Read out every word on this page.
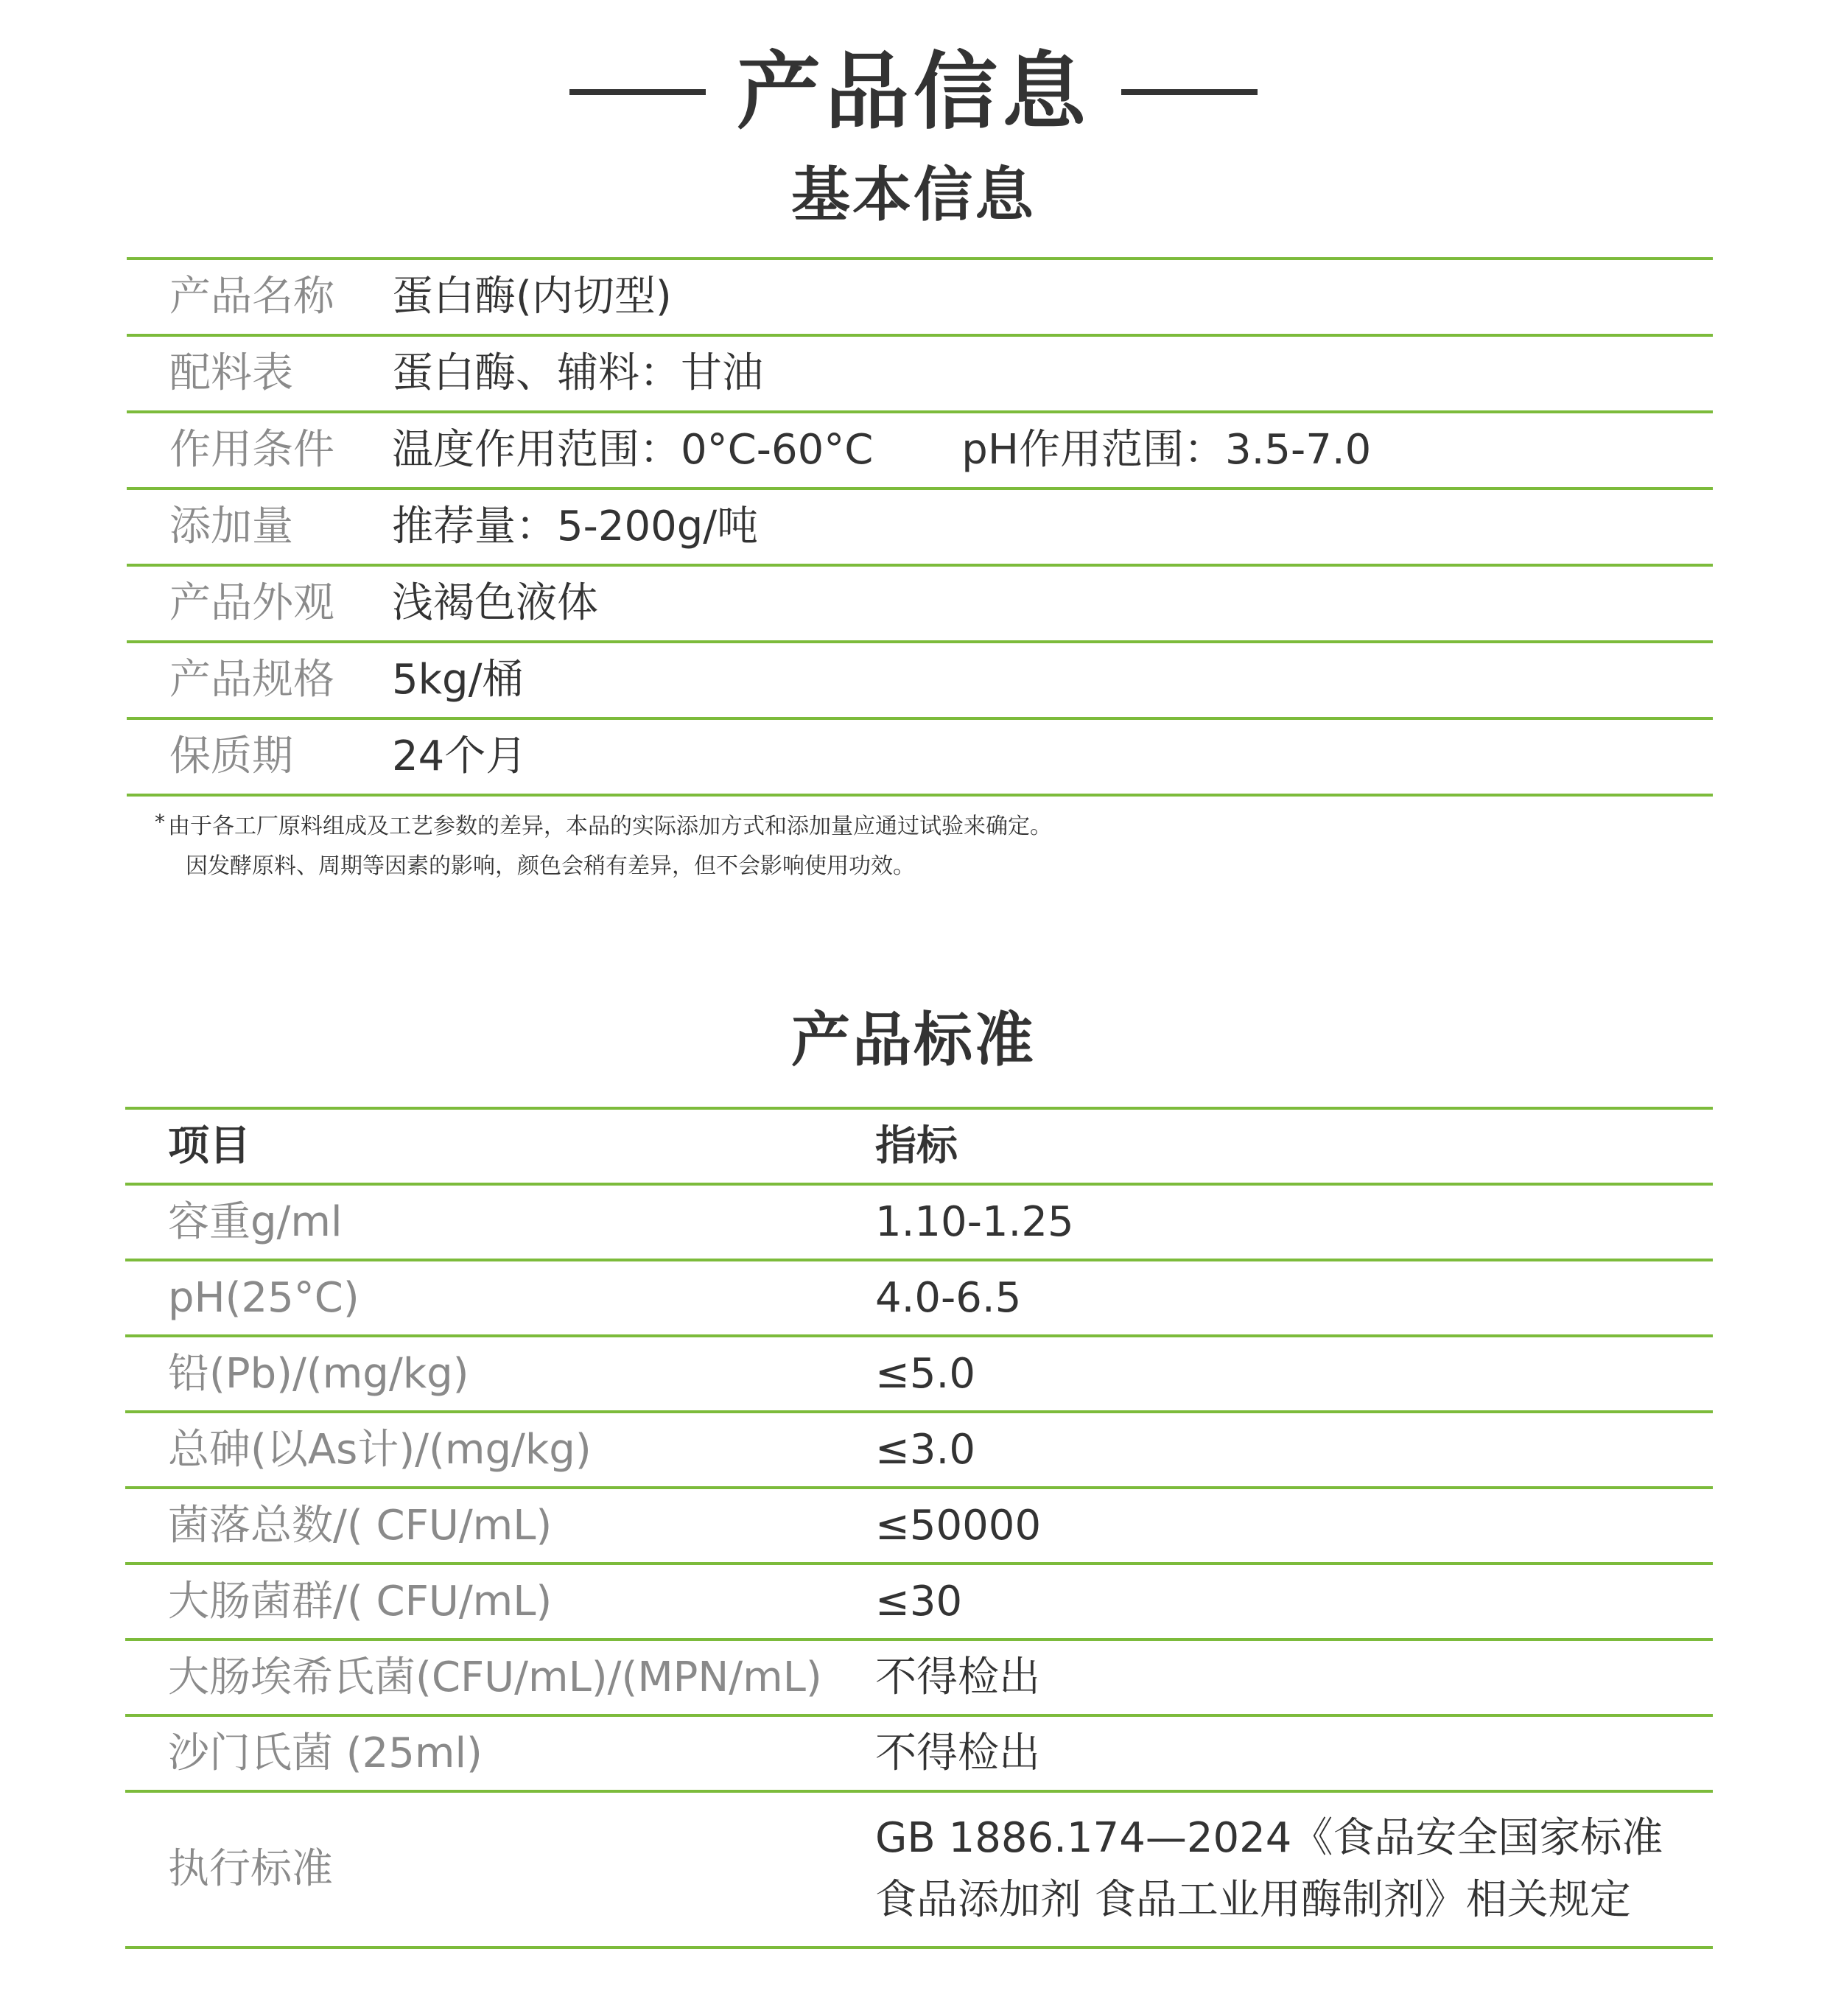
产品信息
基本信息
产品名称	蛋白酶(内切型)
配料表	蛋白酶、辅料：甘油
作用条件	温度作用范围：0°C-60°C pH作用范围：3.5-7.0
添加量	推荐量：5-200g/吨
产品外观	浅褐色液体
产品规格	5kg/桶
保质期	24个月
* 由于各工厂原料组成及工艺参数的差异，本品的实际添加方式和添加量应通过试验来确定。
因发酵原料、周期等因素的影响，颜色会稍有差异，但不会影响使用功效。
产品标准
项目	指标
容重g/ml	1.10-1.25
pH(25°C)	4.0-6.5
铅(Pb)/(mg/kg)	≤5.0
总砷(以As计)/(mg/kg)	≤3.0
菌落总数/( CFU/mL)	≤50000
大肠菌群/( CFU/mL)	≤30
大肠埃希氏菌(CFU/mL)/(MPN/mL)	不得检出
沙门氏菌 (25ml)	不得检出
执行标准	GB 1886.174—2024《食品安全国家标准
食品添加剂 食品工业用酶制剂》相关规定
